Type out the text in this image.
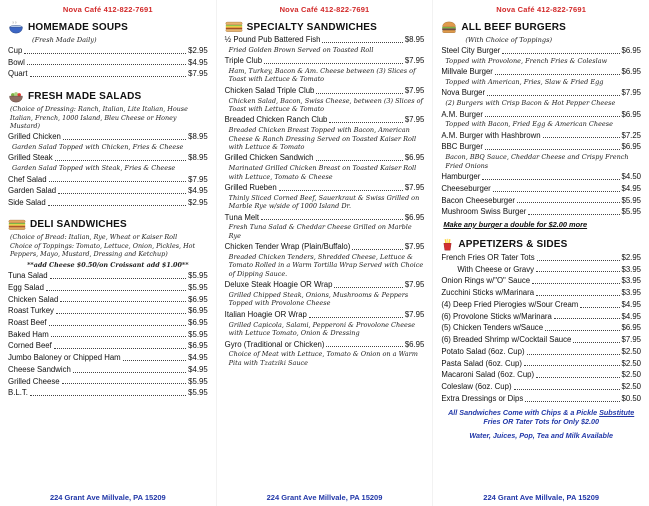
Nova Café 412-822-7691
HOMEMADE SOUPS
(Fresh Made Daily)
Cup	$2.95
Bowl	$4.95
Quart	$7.95
FRESH MADE SALADS
(Choice of Dressing: Ranch, Italian, Lite Italian, House Italian, French, 1000 Island, Bleu Cheese or Honey Mustard)
Grilled Chicken	$8.95
Garden Salad Topped with Chicken, Fries & Cheese
Grilled Steak	$8.95
Garden Salad Topped with Steak, Fries & Cheese
Chef Salad	$7.95
Garden Salad	$4.95
Side Salad	$2.95
DELI SANDWICHES
(Choice of Bread: Italian, Rye, Wheat or Kaiser Roll
Choice of Toppings: Tomato, Lettuce, Onion, Pickles, Hot Peppers, Mayo, Mustard, Dressing and Ketchup)
**add Cheese $0.50/on Croissant add $1.00**
Tuna Salad	$5.95
Egg Salad	$5.95
Chicken Salad	$6.95
Roast Turkey	$6.95
Roast Beef	$6.95
Baked Ham	$5.95
Corned Beef	$6.95
Jumbo Baloney or Chipped Ham	$4.95
Cheese Sandwich	$4.95
Grilled Cheese	$5.95
B.L.T.	$5.95
224 Grant Ave Millvale, PA 15209
Nova Café 412-822-7691
SPECIALTY SANDWICHES
½ Pound Pub Battered Fish	$8.95
Fried Golden Brown Served on Toasted Roll
Triple Club	$7.95
Ham, Turkey, Bacon & Am. Cheese between (3) Slices of Toast with Lettuce & Tomato
Chicken Salad Triple Club	$7.95
Chicken Salad, Bacon, Swiss Cheese, between (3) Slices of Toast with Lettuce & Tomato
Breaded Chicken Ranch Club	$7.95
Breaded Chicken Breast Topped with Bacon, American Cheese & Ranch Dressing Served on Toasted Kaiser Roll with Lettuce & Tomato
Grilled Chicken Sandwich	$6.95
Marinated Grilled Chicken Breast on Toasted Kaiser Roll with Lettuce, Tomato & Cheese
Grilled Rueben	$7.95
Thinly Sliced Corned Beef, Sauerkraut & Swiss Grilled on Marble Rye w/side of 1000 Island Dr.
Tuna Melt	$6.95
Fresh Tuna Salad & Cheddar Cheese Grilled on Marble Rye
Chicken Tender Wrap (Plain/Buffalo)	$7.95
Breaded Chicken Tenders, Shredded Cheese, Lettuce & Tomato Rolled in a Warm Tortilla Wrap Served with Choice of Dipping Sauce.
Deluxe Steak Hoagie OR Wrap	$7.95
Grilled Chipped Steak, Onions, Mushrooms & Peppers Topped with Provolone Cheese
Italian Hoagie OR Wrap	$7.95
Grilled Capicola, Salami, Pepperoni & Provolone Cheese with Lettuce Tomato, Onion & Dressing
Gyro (Traditional or Chicken)	$6.95
Choice of Meat with Lettuce, Tomato & Onion on a Warm Pita with Tzatziki Sauce
224 Grant Ave Millvale, PA 15209
Nova Café 412-822-7691
ALL BEEF BURGERS
(With Choice of Toppings)
Steel City Burger	$6.95
Topped with Provolone, French Fries & Coleslaw
Millvale Burger	$6.95
Topped with American, Fries, Slaw & Fried Egg
Nova Burger	$7.95
(2) Burgers with Crisp Bacon & Hot Pepper Cheese
A.M. Burger	$6.95
Topped with Bacon, Fried Egg & American Cheese
A.M. Burger with Hashbrown	$7.25
BBC Burger	$6.95
Bacon, BBQ Sauce, Cheddar Cheese and Crispy French Fried Onions
Hamburger	$4.50
Cheeseburger	$4.95
Bacon Cheeseburger	$5.95
Mushroom Swiss Burger	$5.95
Make any burger a double for $2.00 more
APPETIZERS & SIDES
French Fries OR Tater Tots	$2.95
With Cheese or Gravy	$3.95
Onion Rings w/"O" Sauce	$3.95
Zucchini Sticks w/Marinara	$3.95
(4) Deep Fried Pierogies w/Sour Cream	$4.95
(6) Provolone Sticks w/Marinara	$4.95
(5) Chicken Tenders w/Sauce	$6.95
(6) Breaded Shrimp w/Cocktail Sauce	$7.95
Potato Salad (6oz. Cup)	$2.50
Pasta Salad (6oz. Cup)	$2.50
Macaroni Salad (6oz. Cup)	$2.50
Coleslaw (6oz. Cup)	$2.50
Extra Dressings or Dips	$0.50
All Sandwiches Come with Chips & a Pickle Substitute Fries OR Tater Tots for Only $2.00
Water, Juices, Pop, Tea and Milk Available
224 Grant Ave Millvale, PA 15209
